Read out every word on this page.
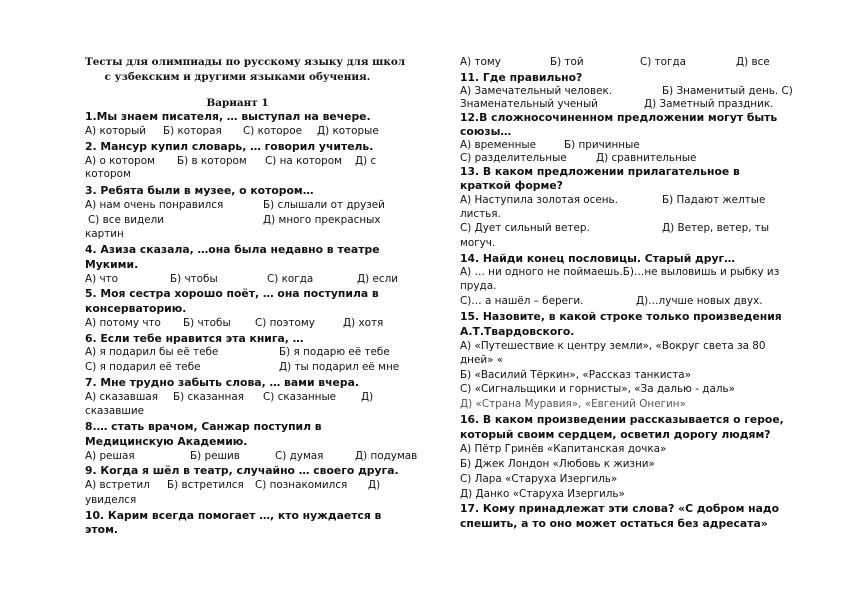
Тесты для олимпиады по русскому языку для школ
с узбекским и другими языками обучения.
Вариант 1
1.Мы знаем писателя, … выступал на вечере.
А) который Б) которая С) которое Д) которые
2. Мансур купил словарь, … говорил учитель.
А) о котором Б) в котором С) на котором Д) с
котором
3. Ребята были в музее, о котором…
А) нам очень понравился	Б) слышали от друзей
С) все видели	Д) много прекрасных
картин
4. Азиза сказала, …она была недавно в театре
Мукими.
А) что	Б) чтобы	С) когда	Д) если
5. Моя сестра хорошо поёт, … она поступила в
консерваторию.
А) потому что Б) чтобы С) поэтому	Д) хотя
6. Если тебе нравится эта книга, …
А) я подарил бы её тебе	Б) я подарю её тебе
С) я подарил её тебе	Д) ты подарил её мне
7. Мне трудно забыть слова, … вами вчера.
А) сказавшая Б) сказанная С) сказанные Д)
сказавшие
8.… стать врачом, Санжар поступил в
Медицинскую Академию.
А) решая	Б) решив	С) думая	Д) подумав
9. Когда я шёл в театр, случайно … своего друга.
А) встретил Б) встретился С) познакомился Д)
увиделся
10. Карим всегда помогает …, кто нуждается в
этом.
А) тому	Б) той	С) тогда	Д) все
11. Где правильно?
А) Замечательный человек.	Б) Знаменитый день. С)
Знаменательный ученый	Д) Заметный праздник.
12.В сложносочиненном предложении могут быть
союзы…
А) временные	Б) причинные
С) разделительные	Д) сравнительные
13. В каком предложении прилагательное в
краткой форме?
А) Наступила золотая осень.	Б) Падают желтые
листья.
С) Дует сильный ветер.	Д) Ветер, ветер, ты
могуч.
14. Найди конец пословицы. Старый друг…
А) … ни одного не поймаешь.Б)…не выловишь и рыбку из
пруда.
С)… а нашёл – береги.	Д)…лучше новых двух.
15. Назовите, в какой строке только произведения
А.Т.Твардовского.
А) «Путешествие к центру земли», «Вокруг света за 80
дней» «
Б) «Василий Тёркин», «Рассказ танкиста»
С) «Сигнальщики и горнисты», «За далью - даль»
Д) «Страна Муравия», «Евгений Онегин»
16. В каком произведении рассказывается о герое,
который своим сердцем, осветил дорогу людям?
А) Пётр Гринёв «Капитанская дочка»
Б) Джек Лондон «Любовь к жизни»
С) Лара «Старуха Изергиль»
Д) Данко «Старуха Изергиль»
17. Кому принадлежат эти слова? «С добром надо
спешить, а то оно может остаться без адресата»
